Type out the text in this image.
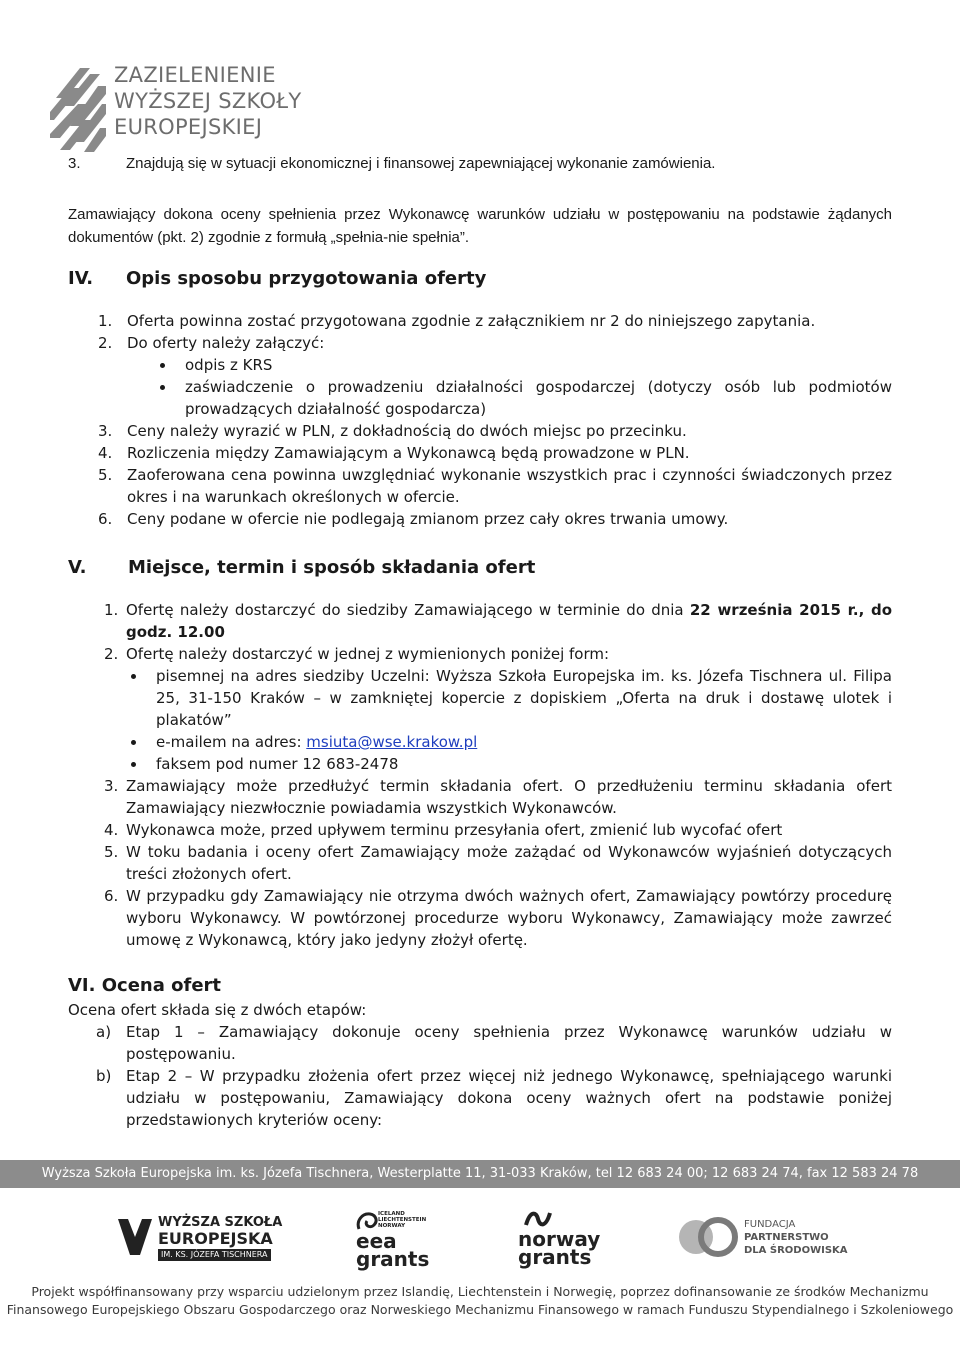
ZAZIELENIENIE
WYŻSZEJ SZKOŁY
EUROPEJSKIEJ
3.	Znajdują się w sytuacji ekonomicznej i finansowej zapewniającej wykonanie zamówienia.
Zamawiający dokona oceny spełnienia przez Wykonawcę warunków udziału w postępowaniu na podstawie żądanych dokumentów (pkt. 2) zgodnie z formułą „spełnia-nie spełnia”.
IV. Opis sposobu przygotowania oferty
1. Oferta powinna zostać przygotowana zgodnie z załącznikiem nr 2 do niniejszego zapytania.
2. Do oferty należy załączyć:
odpis z KRS
zaświadczenie o prowadzeniu działalności gospodarczej (dotyczy osób lub podmiotów prowadzących działalność gospodarcza)
3. Ceny należy wyrazić w PLN, z dokładnością do dwóch miejsc po przecinku.
4. Rozliczenia między Zamawiającym a Wykonawcą będą prowadzone w PLN.
5. Zaoferowana cena powinna uwzględniać wykonanie wszystkich prac i czynności świadczonych przez okres i na warunkach określonych w ofercie.
6. Ceny podane w ofercie nie podlegają zmianom przez cały okres trwania umowy.
V. Miejsce, termin i sposób składania ofert
1. Ofertę należy dostarczyć do siedziby Zamawiającego w terminie do dnia 22 września 2015 r., do godz. 12.00
2. Ofertę należy dostarczyć w jednej z wymienionych poniżej form:
pisemnej na adres siedziby Uczelni: Wyższa Szkoła Europejska im. ks. Józefa Tischnera ul. Filipa 25, 31-150 Kraków – w zamkniętej kopercie z dopiskiem „Oferta na druk i dostawę ulotek i plakatów”
e-mailem na adres: msiuta@wse.krakow.pl
faksem pod numer 12 683-2478
3. Zamawiający może przedłużyć termin składania ofert. O przedłużeniu terminu składania ofert Zamawiający niezwłocznie powiadamia wszystkich Wykonawców.
4. Wykonawca może, przed upływem terminu przesyłania ofert, zmienić lub wycofać ofert
5. W toku badania i oceny ofert Zamawiający może zażądać od Wykonawców wyjaśnień dotyczących treści złożonych ofert.
6. W przypadku gdy Zamawiający nie otrzyma dwóch ważnych ofert, Zamawiający powtórzy procedurę wyboru Wykonawcy. W powtórzonej procedurze wyboru Wykonawcy, Zamawiający może zawrzeć umowę z Wykonawcą, który jako jedyny złożył ofertę.
VI. Ocena ofert
Ocena ofert składa się z dwóch etapów:
a) Etap 1 – Zamawiający dokonuje oceny spełnienia przez Wykonawcę warunków udziału w postępowaniu.
b) Etap 2 – W przypadku złożenia ofert przez więcej niż jednego Wykonawcę, spełniającego warunki udziału w postępowaniu, Zamawiający dokona oceny ważnych ofert na podstawie poniżej przedstawionych kryteriów oceny:
Wyższa Szkoła Europejska im. ks. Józefa Tischnera, Westerplatte 11, 31-033 Kraków, tel 12 683 24 00; 12 683 24 74, fax 12 583 24 78
WYŻSZA SZKOŁA
EUROPEJSKA
IM. KS. JÓZEFA TISCHNERA
ICELAND
LIECHTENSTEIN
NORWAY
eea
grants
norway
grants
FUNDACJA
PARTNERSTWO
DLA ŚRODOWISKA
Projekt współfinansowany przy wsparciu udzielonym przez Islandię, Liechtenstein i Norwegię, poprzez dofinansowanie ze środków Mechanizmu
Finansowego Europejskiego Obszaru Gospodarczego oraz Norweskiego Mechanizmu Finansowego w ramach Funduszu Stypendialnego i Szkoleniowego
